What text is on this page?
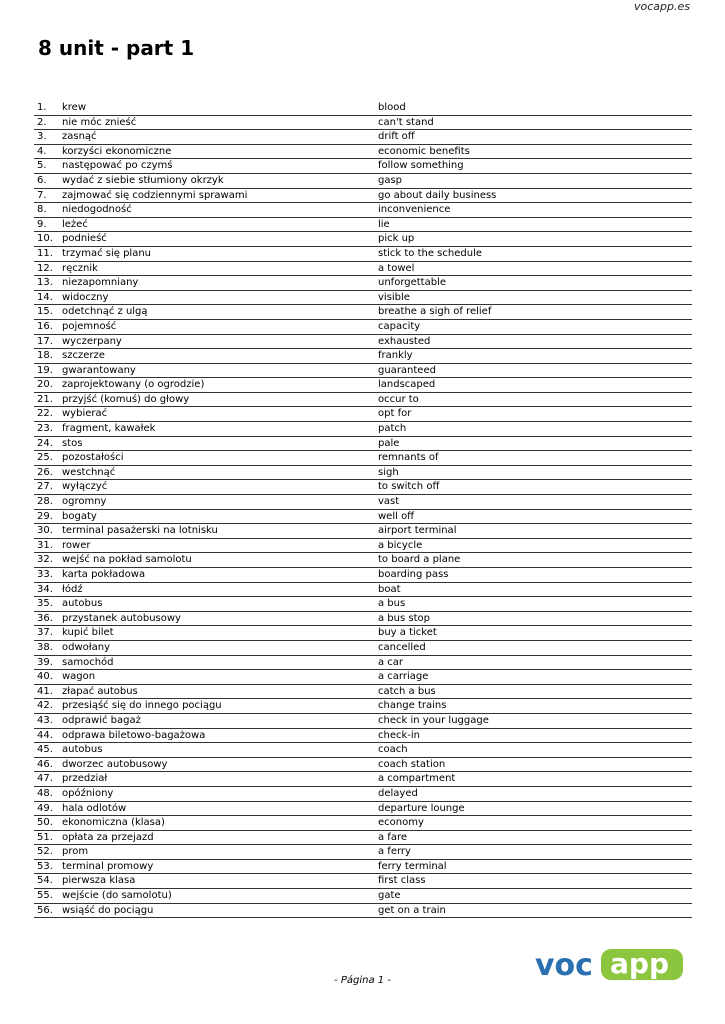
vocapp.es
8 unit - part 1
1. krew	blood
2. nie móc znieść	can't stand
3. zasnąć	drift off
4. korzyści ekonomiczne	economic benefits
5. następować po czymś	follow something
6. wydać z siebie stłumiony okrzyk	gasp
7. zajmować się codziennymi sprawami	go about daily business
8. niedogodność	inconvenience
9. leżeć	lie
10. podnieść	pick up
11. trzymać się planu	stick to the schedule
12. ręcznik	a towel
13. niezapomniany	unforgettable
14. widoczny	visible
15. odetchnąć z ulgą	breathe a sigh of relief
16. pojemność	capacity
17. wyczerpany	exhausted
18. szczerze	frankly
19. gwarantowany	guaranteed
20. zaprojektowany (o ogrodzie)	landscaped
21. przyjść (komuś) do głowy	occur to
22. wybierać	opt for
23. fragment, kawałek	patch
24. stos	pale
25. pozostałości	remnants of
26. westchnąć	sigh
27. wyłączyć	to switch off
28. ogromny	vast
29. bogaty	well off
30. terminal pasażerski na lotnisku	airport terminal
31. rower	a bicycle
32. wejść na pokład samolotu	to board a plane
33. karta pokładowa	boarding pass
34. łódź	boat
35. autobus	a bus
36. przystanek autobusowy	a bus stop
37. kupić bilet	buy a ticket
38. odwołany	cancelled
39. samochód	a car
40. wagon	a carriage
41. złapać autobus	catch a bus
42. przesiąść się do innego pociągu	change trains
43. odprawić bagaż	check in your luggage
44. odprawa biletowo-bagażowa	check-in
45. autobus	coach
46. dworzec autobusowy	coach station
47. przedział	a compartment
48. opóźniony	delayed
49. hala odlotów	departure lounge
50. ekonomiczna (klasa)	economy
51. opłata za przejazd	a fare
52. prom	a ferry
53. terminal promowy	ferry terminal
54. pierwsza klasa	first class
55. wejście (do samolotu)	gate
56. wsiąść do pociągu	get on a train
- Página 1 -	voc app
